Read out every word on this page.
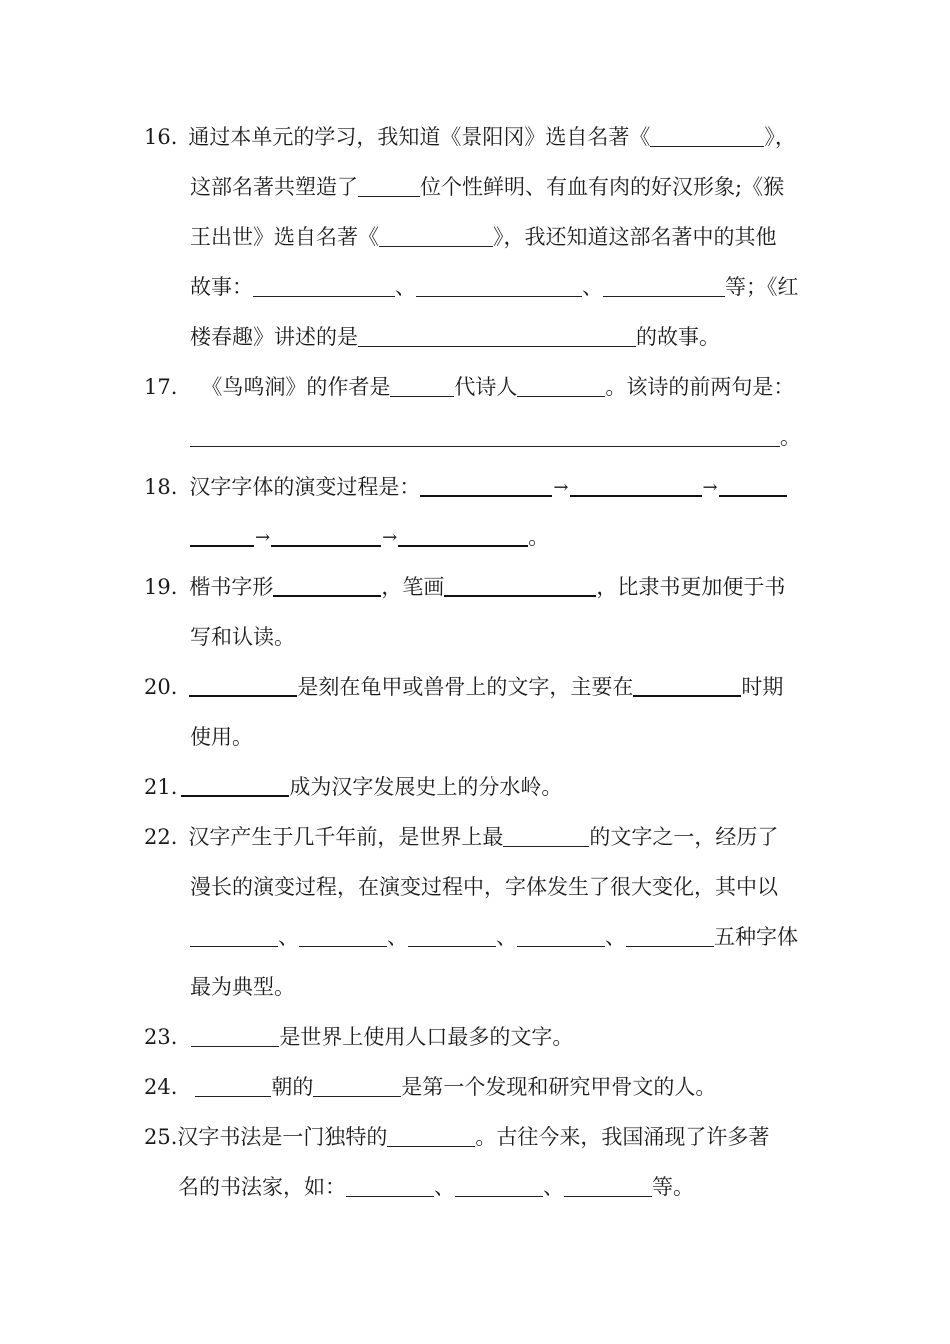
16. 通过本单元的学习，我知道《景阳冈》选自名著《	》，
这部名著共塑造了	位个性鲜明、有血有肉的好汉形象;《猴
王出世》选自名著《	》，我还知道这部名著中的其他
故事：	、	、	等；《红
楼春趣》讲述的是	的故事。
17. 《鸟鸣涧》的作者是	代诗人	。该诗的前两句是：
。
18. 汉字字体的演变过程是：	→	→
→	→	。
19. 楷书字形	，笔画	，比隶书更加便于书
写和认读。
20.	是刻在龟甲或兽骨上的文字，主要在	时期
使用。
21.	成为汉字发展史上的分水岭。
22. 汉字产生于几千年前，是世界上最	的文字之一，经历了
漫长的演变过程，在演变过程中，字体发生了很大变化，其中以
、	、	、	、	五种字体
最为典型。
23.	是世界上使用人口最多的文字。
24.	朝的	是第一个发现和研究甲骨文的人。
25.汉字书法是一门独特的	。古往今来，我国涌现了许多著
名的书法家，如：	、	、	等。
